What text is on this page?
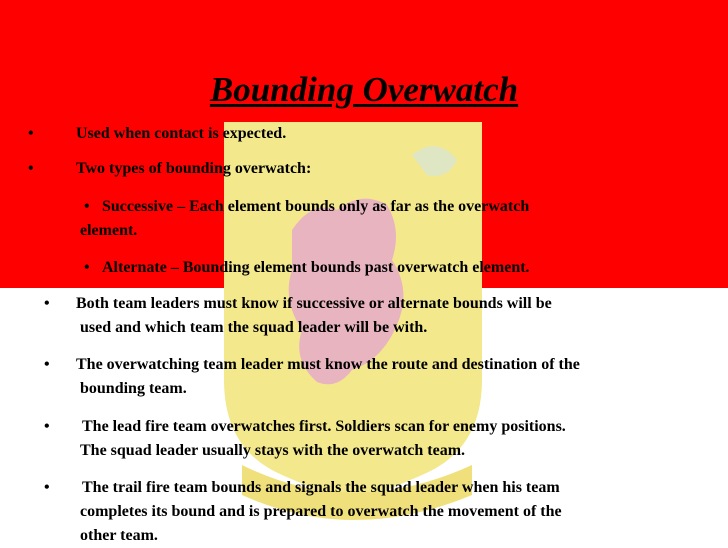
Bounding Overwatch
•	Used when contact is expected.
•	Two types of bounding overwatch:
• Successive – Each element bounds only as far as the overwatch
element.
• Alternate – Bounding element bounds past overwatch element.
• Both team leaders must know if successive or alternate bounds will be
used and which team the squad leader will be with.
• The overwatching team leader must know the route and destination of the
bounding team.
• The lead fire team overwatches first. Soldiers scan for enemy positions.
The squad leader usually stays with the overwatch team.
• The trail fire team bounds and signals the squad leader when his team
completes its bound and is prepared to overwatch the movement of the
other team.
